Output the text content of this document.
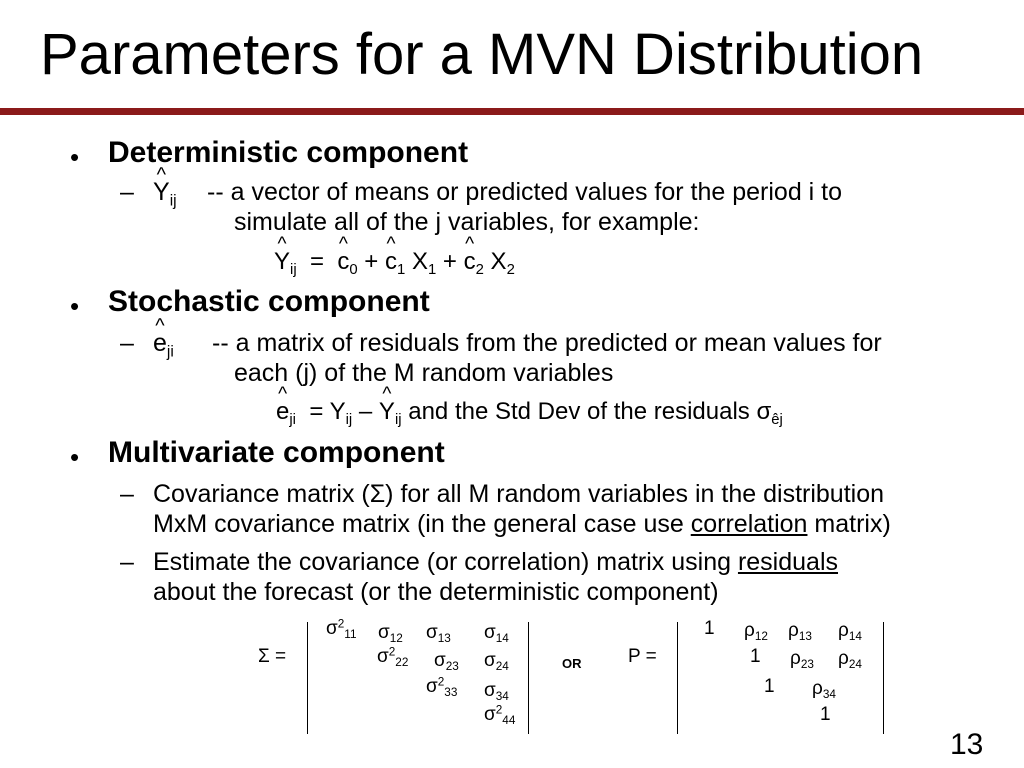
Parameters for a MVN Distribution
• Deterministic component
– ^ $Y_{ij}$ -- a vector of means or predicted values for the period i to
simulate all of the j variables, for example:
^ $Y_{ij}$ = ^ $c_0$ + ^ $c_1$ $X_1$ + ^ $c_2$ $X_2$
• Stochastic component
– ^ $e_{ji}$ -- a matrix of residuals from the predicted or mean values for
each (j) of the M random variables
^ $e_{ji} = Y_{ij}$ – ^ $Y_{ij}$ and the Std Dev of the residuals $\sigma_{êj}$
• Multivariate component
– Covariance matrix (Σ) for all M random variables in the distribution
MxM covariance matrix (in the general case use correlation matrix)
– Estimate the covariance (or correlation) matrix using residuals
about the forecast (or the deterministic component)
Σ =
$\sigma^2_{11}$ $\sigma_{12}$ $\sigma_{13}$ $\sigma_{14}$
$\sigma^2_{22}$ $\sigma_{23}$ $\sigma_{24}$
$\sigma^2_{33}$ $\sigma_{34}$
$\sigma^2_{44}$
OR P =
1 $\rho_{12}$ $\rho_{13}$ $\rho_{14}$
1 $\rho_{23}$ $\rho_{24}$
1 $\rho_{34}$
1
13
